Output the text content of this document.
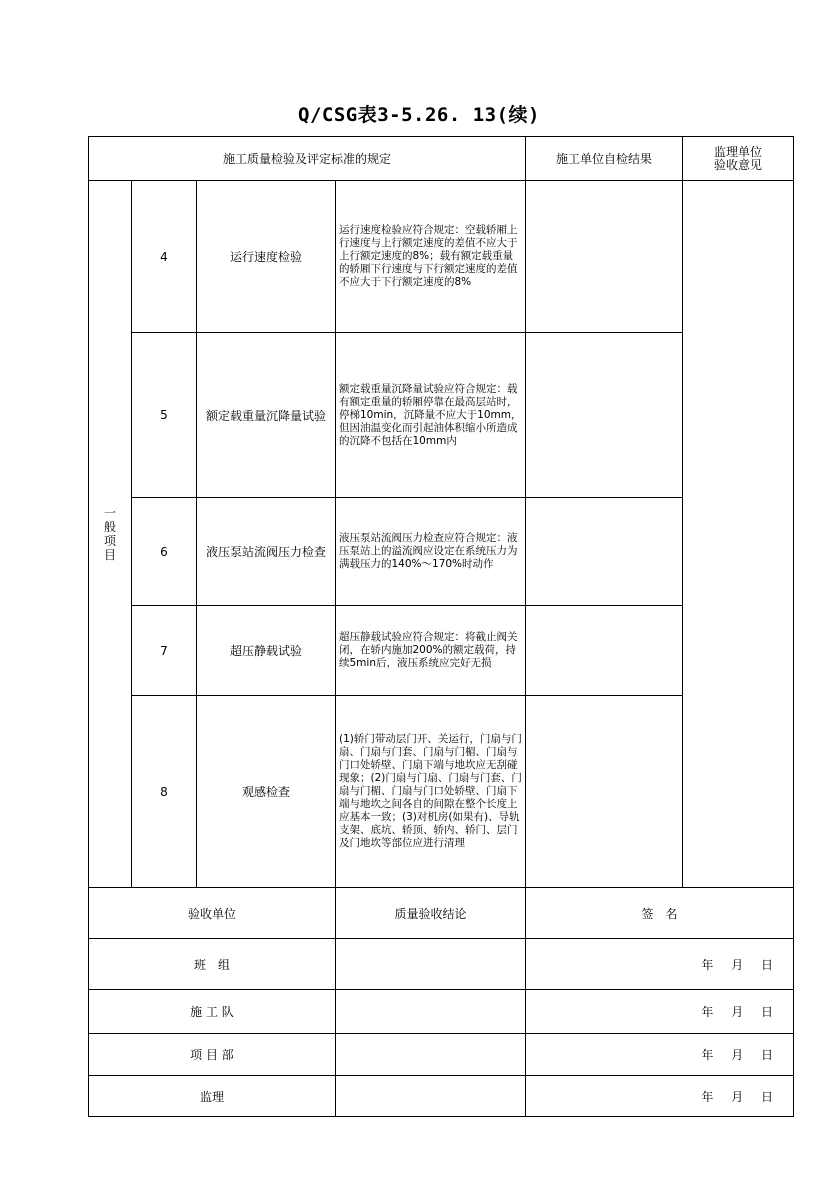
Q/CSG表3-5.26. 13(续)
施工质量检验及评定标准的规定				施工单位自检结果	监理单位
验收意见

一般项目	4	运行速度检验	运行速度检验应符合规定：空载轿厢上行速度与上行额定速度的差值不应大于上行额定速度的8%；载有额定载重量的轿厢下行速度与下行额定速度的差值不应大于下行额定速度的8%		
	5	额定载重量沉降量试验	额定载重量沉降量试验应符合规定：载有额定重量的轿厢停靠在最高层站时，停梯10min，沉降量不应大于10mm，但因油温变化而引起油体积缩小所造成的沉降不包括在10mm内		
	6	液压泵站流阀压力检查	液压泵站流阀压力检查应符合规定：液压泵站上的溢流阀应设定在系统压力为满载压力的140%～170%时动作		
	7	超压静载试验	超压静载试验应符合规定：将截止阀关闭，在轿内施加200%的额定载荷，持续5min后，液压系统应完好无损		
	8	观感检查	(1)轿门带动层门开、关运行，门扇与门扇、门扇与门套、门扇与门楣、门扇与门口处轿壁、门扇下端与地坎应无刮碰现象；(2)门扇与门扇、门扇与门套、门扇与门楣、门扇与门口处轿壁、门扇下端与地坎之间各自的间隙在整个长度上应基本一致；(3)对机房(如果有)、导轨支架、底坑、轿顶、轿内、轿门、层门及门地坎等部位应进行清理		
验收单位			质量验收结论	签　名	
班　组				年 月 日	
施 工 队				年 月 日	
项 目 部				年 月 日	
监理				年 月 日	
